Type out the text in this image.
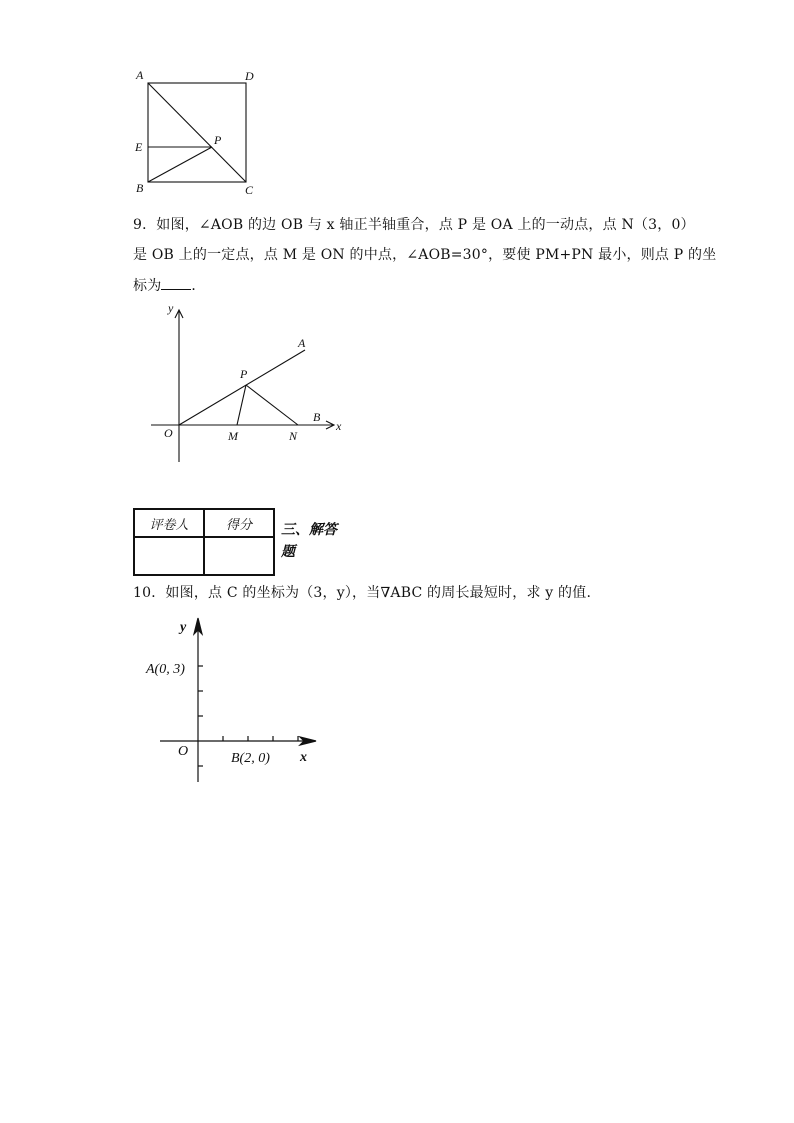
A	D
E	P
B	C
9．如图，∠AOB 的边 OB 与 x 轴正半轴重合，点 P 是 OA 上的一动点，点 N（3，0）
是 OB 上的一定点，点 M 是 ON 的中点，∠AOB=30°，要使 PM+PN 最小，则点 P 的坐
标为 ．
y
A
P
O	M	N
B
x
评卷人	得分
	三、解答
题
10．如图，点 C 的坐标为（3，y），当∇ABC 的周长最短时，求 y 的值.
y
A(0, 3)
O	B(2, 0) x
